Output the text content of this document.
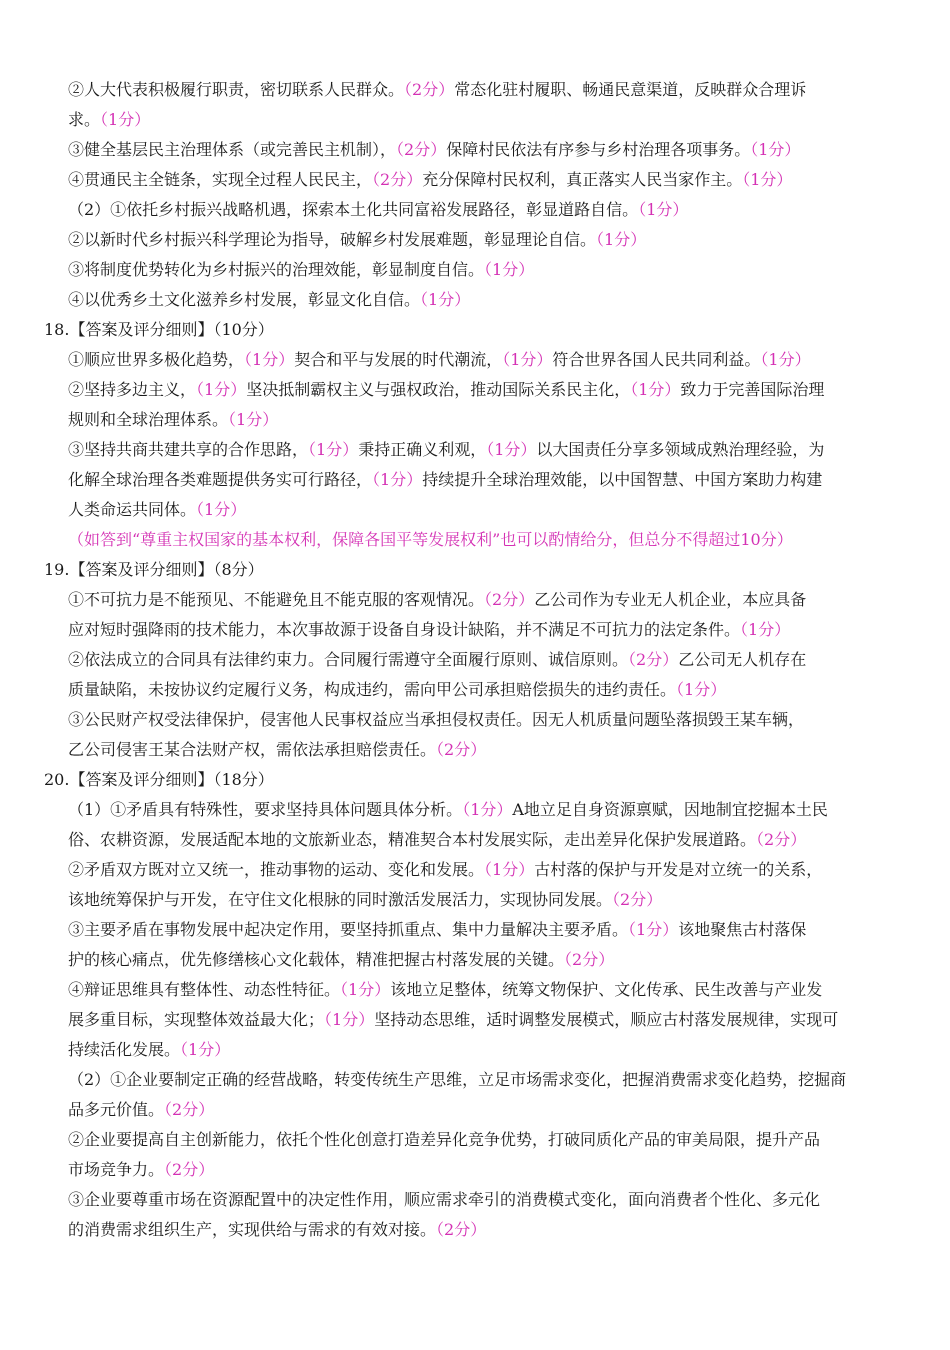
②人大代表积极履行职责，密切联系人民群众。（2分）常态化驻村履职、畅通民意渠道，反映群众合理诉
求。（1分）
③健全基层民主治理体系（或完善民主机制），（2分）保障村民依法有序参与乡村治理各项事务。（1分）
④贯通民主全链条，实现全过程人民民主，（2分）充分保障村民权利，真正落实人民当家作主。（1分）
（2）①依托乡村振兴战略机遇，探索本土化共同富裕发展路径，彰显道路自信。（1分）
②以新时代乡村振兴科学理论为指导，破解乡村发展难题，彰显理论自信。（1分）
③将制度优势转化为乡村振兴的治理效能，彰显制度自信。（1分）
④以优秀乡土文化滋养乡村发展，彰显文化自信。（1分）
18.【答案及评分细则】（10分）
①顺应世界多极化趋势，（1分）契合和平与发展的时代潮流，（1分）符合世界各国人民共同利益。（1分）
②坚持多边主义，（1分）坚决抵制霸权主义与强权政治，推动国际关系民主化，（1分）致力于完善国际治理
规则和全球治理体系。（1分）
③坚持共商共建共享的合作思路，（1分）秉持正确义利观，（1分）以大国责任分享多领域成熟治理经验，为
化解全球治理各类难题提供务实可行路径，（1分）持续提升全球治理效能，以中国智慧、中国方案助力构建
人类命运共同体。（1分）
（如答到“尊重主权国家的基本权利，保障各国平等发展权利”也可以酌情给分，但总分不得超过10分）
19.【答案及评分细则】（8分）
①不可抗力是不能预见、不能避免且不能克服的客观情况。（2分）乙公司作为专业无人机企业，本应具备
应对短时强降雨的技术能力，本次事故源于设备自身设计缺陷，并不满足不可抗力的法定条件。（1分）
②依法成立的合同具有法律约束力。合同履行需遵守全面履行原则、诚信原则。（2分）乙公司无人机存在
质量缺陷，未按协议约定履行义务，构成违约，需向甲公司承担赔偿损失的违约责任。（1分）
③公民财产权受法律保护，侵害他人民事权益应当承担侵权责任。因无人机质量问题坠落损毁王某车辆，
乙公司侵害王某合法财产权，需依法承担赔偿责任。（2分）
20.【答案及评分细则】（18分）
（1）①矛盾具有特殊性，要求坚持具体问题具体分析。（1分）A地立足自身资源禀赋，因地制宜挖掘本土民
俗、农耕资源，发展适配本地的文旅新业态，精准契合本村发展实际，走出差异化保护发展道路。（2分）
②矛盾双方既对立又统一，推动事物的运动、变化和发展。（1分）古村落的保护与开发是对立统一的关系，
该地统筹保护与开发，在守住文化根脉的同时激活发展活力，实现协同发展。（2分）
③主要矛盾在事物发展中起决定作用，要坚持抓重点、集中力量解决主要矛盾。（1分）该地聚焦古村落保
护的核心痛点，优先修缮核心文化载体，精准把握古村落发展的关键。（2分）
④辩证思维具有整体性、动态性特征。（1分）该地立足整体，统筹文物保护、文化传承、民生改善与产业发
展多重目标，实现整体效益最大化；（1分）坚持动态思维，适时调整发展模式，顺应古村落发展规律，实现可
持续活化发展。（1分）
（2）①企业要制定正确的经营战略，转变传统生产思维，立足市场需求变化，把握消费需求变化趋势，挖掘商
品多元价值。（2分）
②企业要提高自主创新能力，依托个性化创意打造差异化竞争优势，打破同质化产品的审美局限，提升产品
市场竞争力。（2分）
③企业要尊重市场在资源配置中的决定性作用，顺应需求牵引的消费模式变化，面向消费者个性化、多元化
的消费需求组织生产，实现供给与需求的有效对接。（2分）
